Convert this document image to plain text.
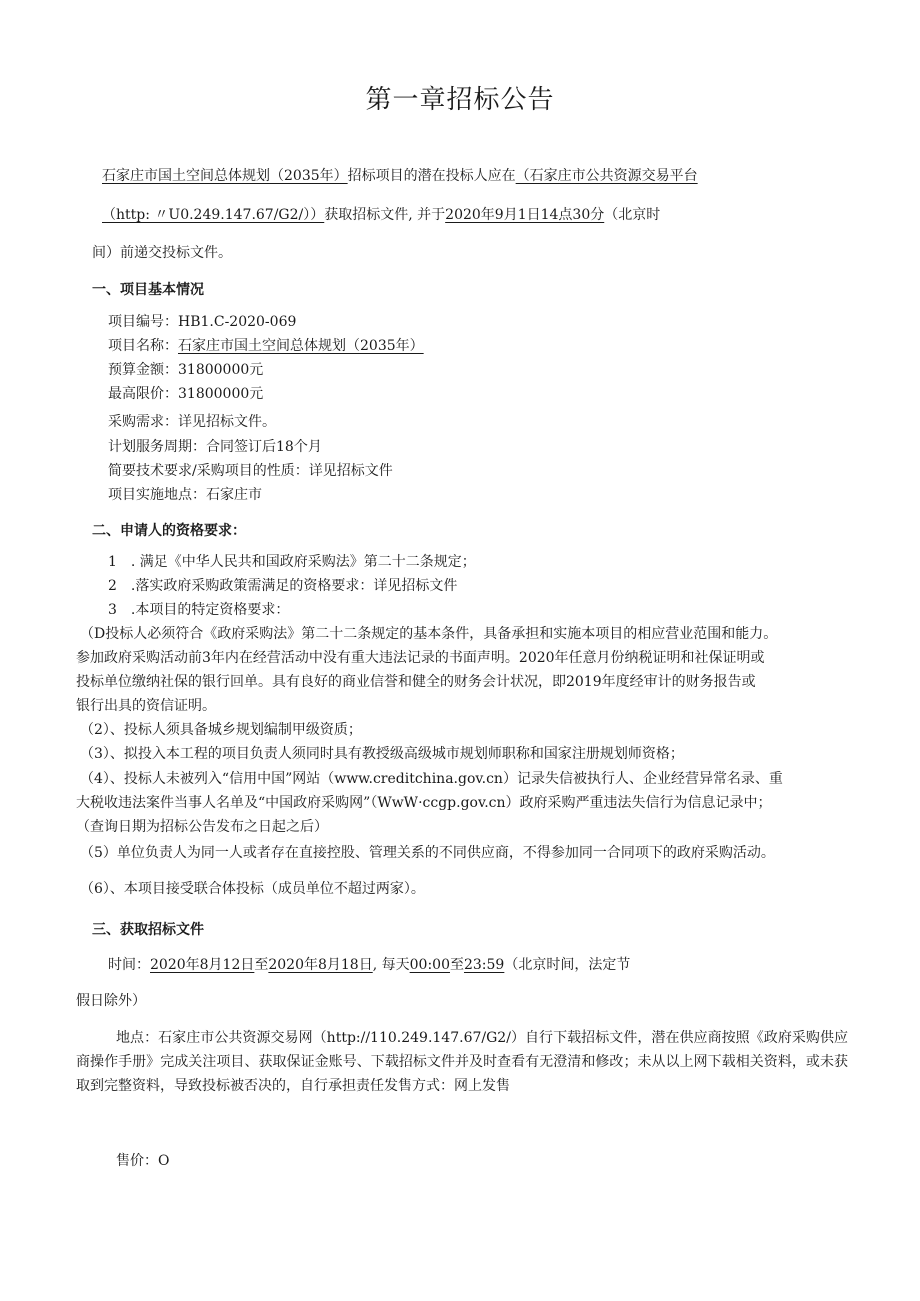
第一章招标公告
石家庄市国土空间总体规划（2035年）招标项目的潜在投标人应在（石家庄市公共资源交易平台
（http: 〃U0.249.147.67/G2/））获取招标文件, 并于2020年9月1日14点30分（北京时
间）前递交投标文件。
一、项目基本情况
项目编号：HB1.C-2020-069
项目名称：石家庄市国土空间总体规划（2035年）
预算金额：31800000元
最高限价：31800000元
采购需求：详见招标文件。
计划服务周期：合同签订后18个月
简要技术要求/采购项目的性质：详见招标文件
项目实施地点：石家庄市
二、申请人的资格要求：
1　. 满足《中华人民共和国政府采购法》第二十二条规定；
2　.落实政府采购政策需满足的资格要求：详见招标文件
3　.本项目的特定资格要求：
（D投标人必须符合《政府采购法》第二十二条规定的基本条件，具备承担和实施本项目的相应营业范围和能力。
参加政府采购活动前3年内在经营活动中没有重大违法记录的书面声明。2020年任意月份纳税证明和社保证明或
投标单位缴纳社保的银行回单。具有良好的商业信誉和健全的财务会计状况，即2019年度经审计的财务报告或
银行出具的资信证明。
（2）、投标人须具备城乡规划编制甲级资质；
（3）、拟投入本工程的项目负责人须同时具有教授级高级城市规划师职称和国家注册规划师资格；
（4）、投标人未被列入“信用中国”网站（www.creditchina.gov.cn）记录失信被执行人、企业经营异常名录、重
大税收违法案件当事人名单及“中国政府采购网”（WwW·ccgp.gov.cn）政府采购严重违法失信行为信息记录中；
（查询日期为招标公告发布之日起之后）
（5）单位负责人为同一人或者存在直接控股、管理关系的不同供应商，不得参加同一合同项下的政府采购活动。
（6）、本项目接受联合体投标（成员单位不超过两家）。
三、获取招标文件
时间：2020年8月12日至2020年8月18日, 每天00:00至23:59（北京时间，法定节
假日除外）
地点：石家庄市公共资源交易网（http://110.249.147.67/G2/）自行下载招标文件，潜在供应商按照《政府采购供应商操作手册》完成关注项目、获取保证金账号、下载招标文件并及时查看有无澄清和修改；未从以上网下载相关资料，或未获取到完整资料，导致投标被否决的，自行承担责任发售方式：网上发售
售价：O
